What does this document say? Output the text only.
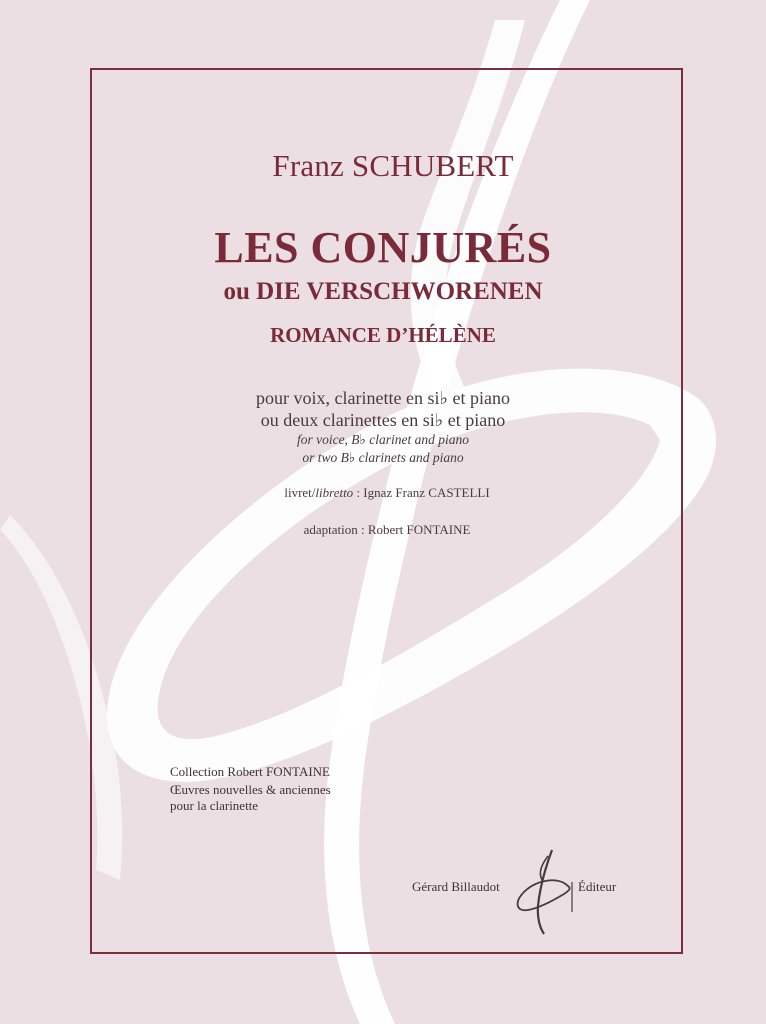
Franz SCHUBERT
LES CONJURÉS
ou DIE VERSCHWORENEN
ROMANCE D’HÉLÈNE
pour voix, clarinette en si♭ et piano
ou deux clarinettes en si♭ et piano
for voice, B♭ clarinet and piano
or two B♭ clarinets and piano
livret/libretto : Ignaz Franz CASTELLI
adaptation : Robert FONTAINE
Collection Robert FONTAINE
Œuvres nouvelles & anciennes
pour la clarinette
Gérard Billaudot	Éditeur
